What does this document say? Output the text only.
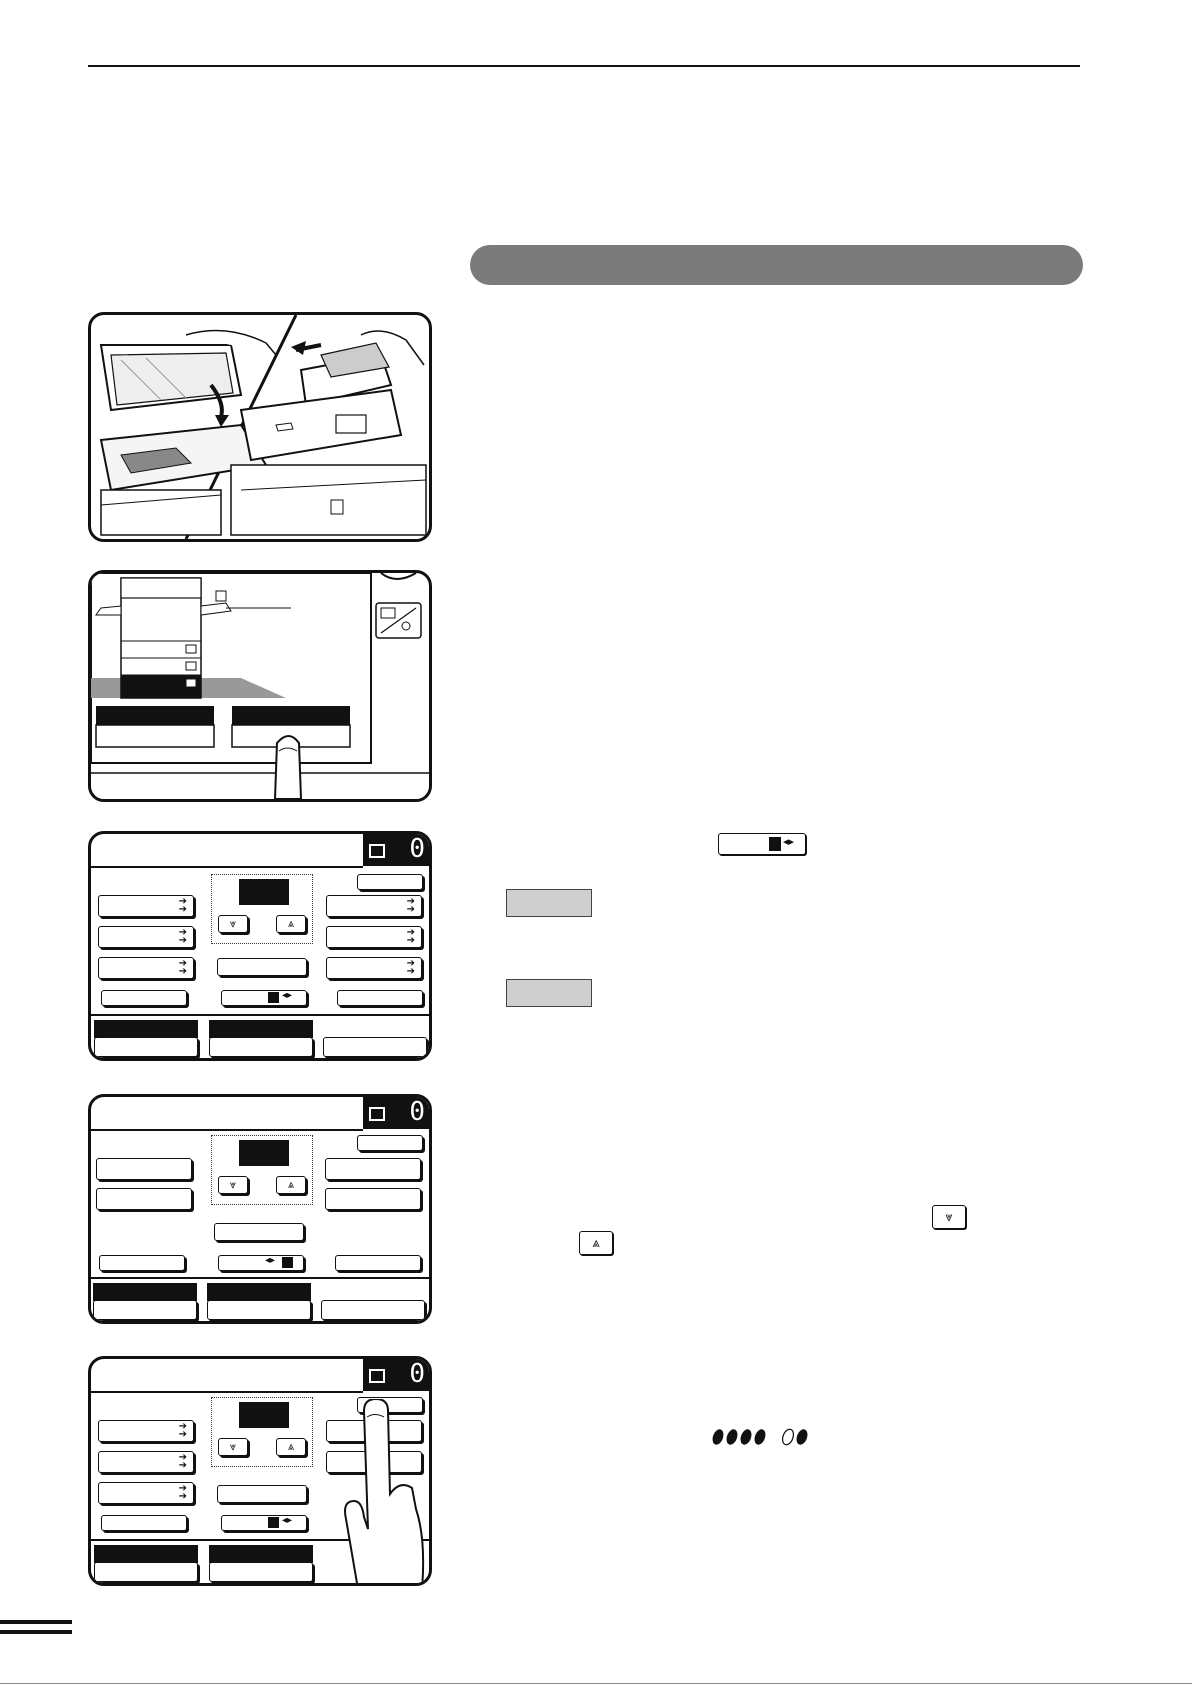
0
⩔	⩓
➔
➔
➔
➔
➔
➔
➔
➔
➔
➔
➔
➔
◂▸
0
⩔	⩓
◂▸
0
⩔	⩓
➔
➔
➔
➔
➔
➔
◂▸
◂▸
⩔
⩓
